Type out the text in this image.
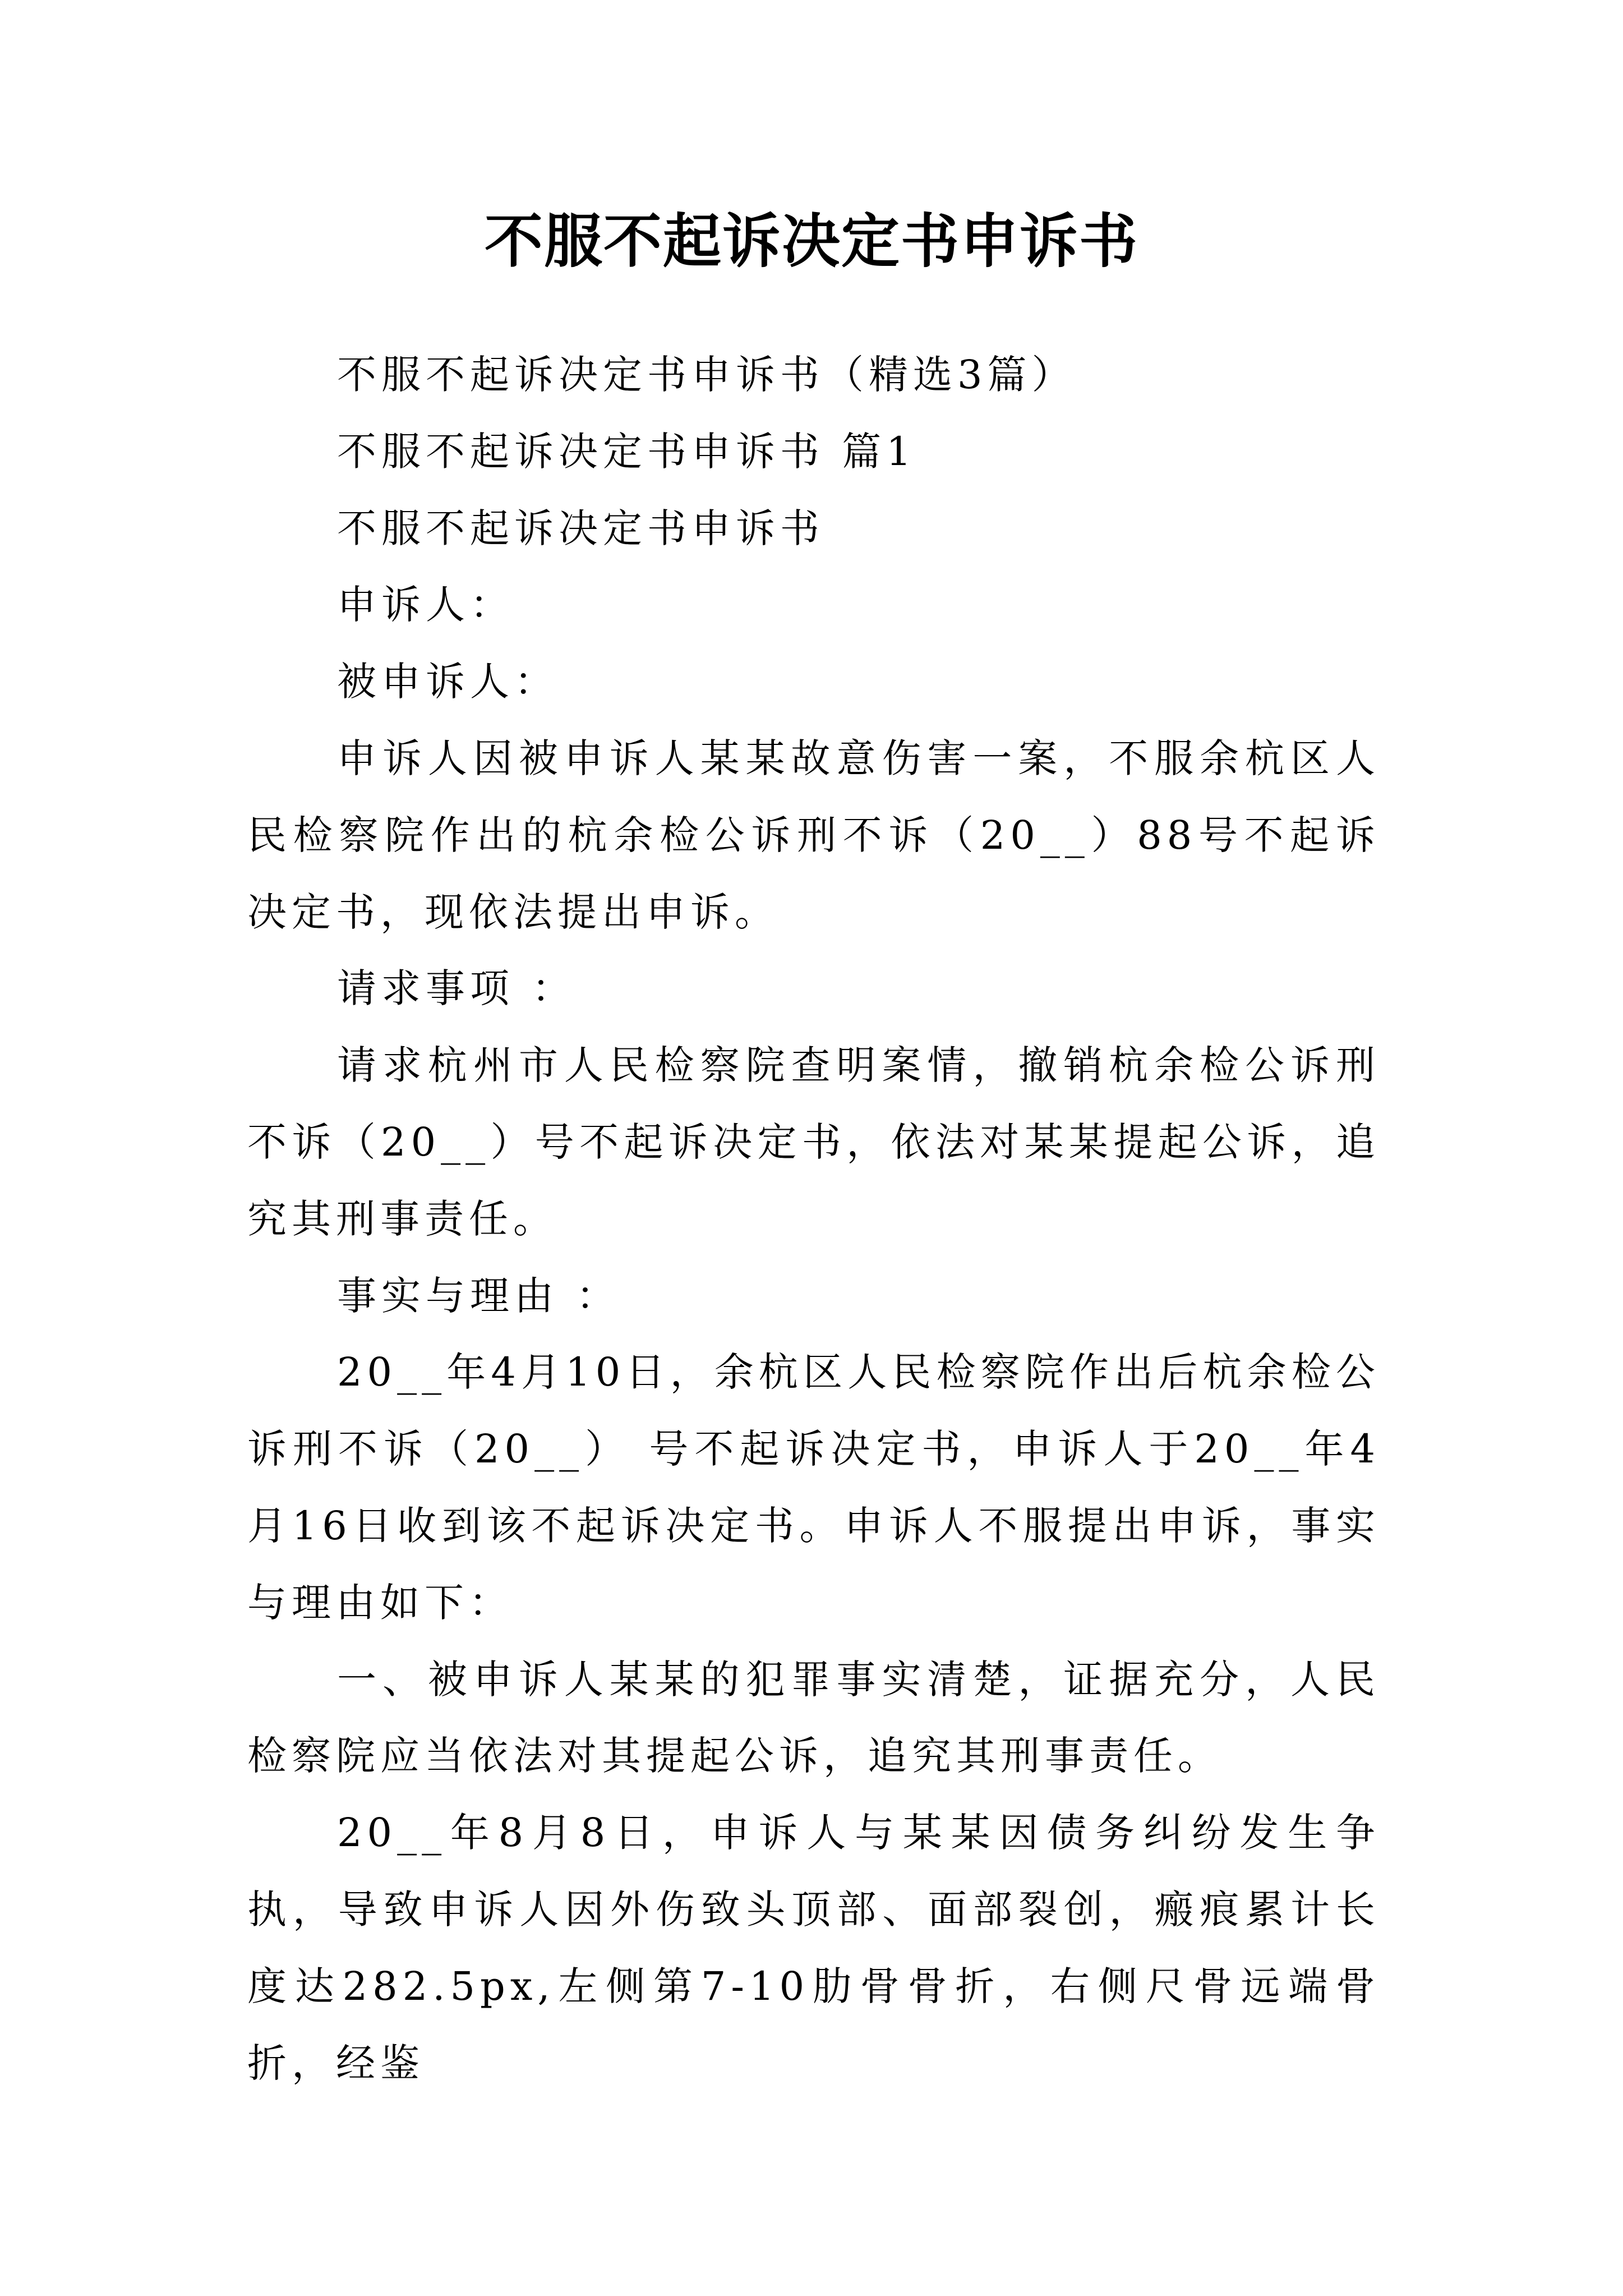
不服不起诉决定书申诉书

不服不起诉决定书申诉书（精选3篇）

不服不起诉决定书申诉书 篇1

不服不起诉决定书申诉书

申诉人：

被申诉人：

申诉人因被申诉人某某故意伤害一案，不服余杭区人民检察院作出的杭余检公诉刑不诉（20__）88号不起诉决定书，现依法提出申诉。

请求事项 ：

请求杭州市人民检察院查明案情，撤销杭余检公诉刑不诉（20__）号不起诉决定书，依法对某某提起公诉，追究其刑事责任。

事实与理由 ：

20__年4月10日，余杭区人民检察院作出后杭余检公诉刑不诉（20__） 号不起诉决定书，申诉人于20__年4月16日收到该不起诉决定书。申诉人不服提出申诉，事实与理由如下：

一、被申诉人某某的犯罪事实清楚，证据充分，人民检察院应当依法对其提起公诉，追究其刑事责任。

20__年8月8日，申诉人与某某因债务纠纷发生争执，导致申诉人因外伤致头顶部、面部裂创，瘢痕累计长度达282.5px,左侧第7-10肋骨骨折，右侧尺骨远端骨折，经鉴
